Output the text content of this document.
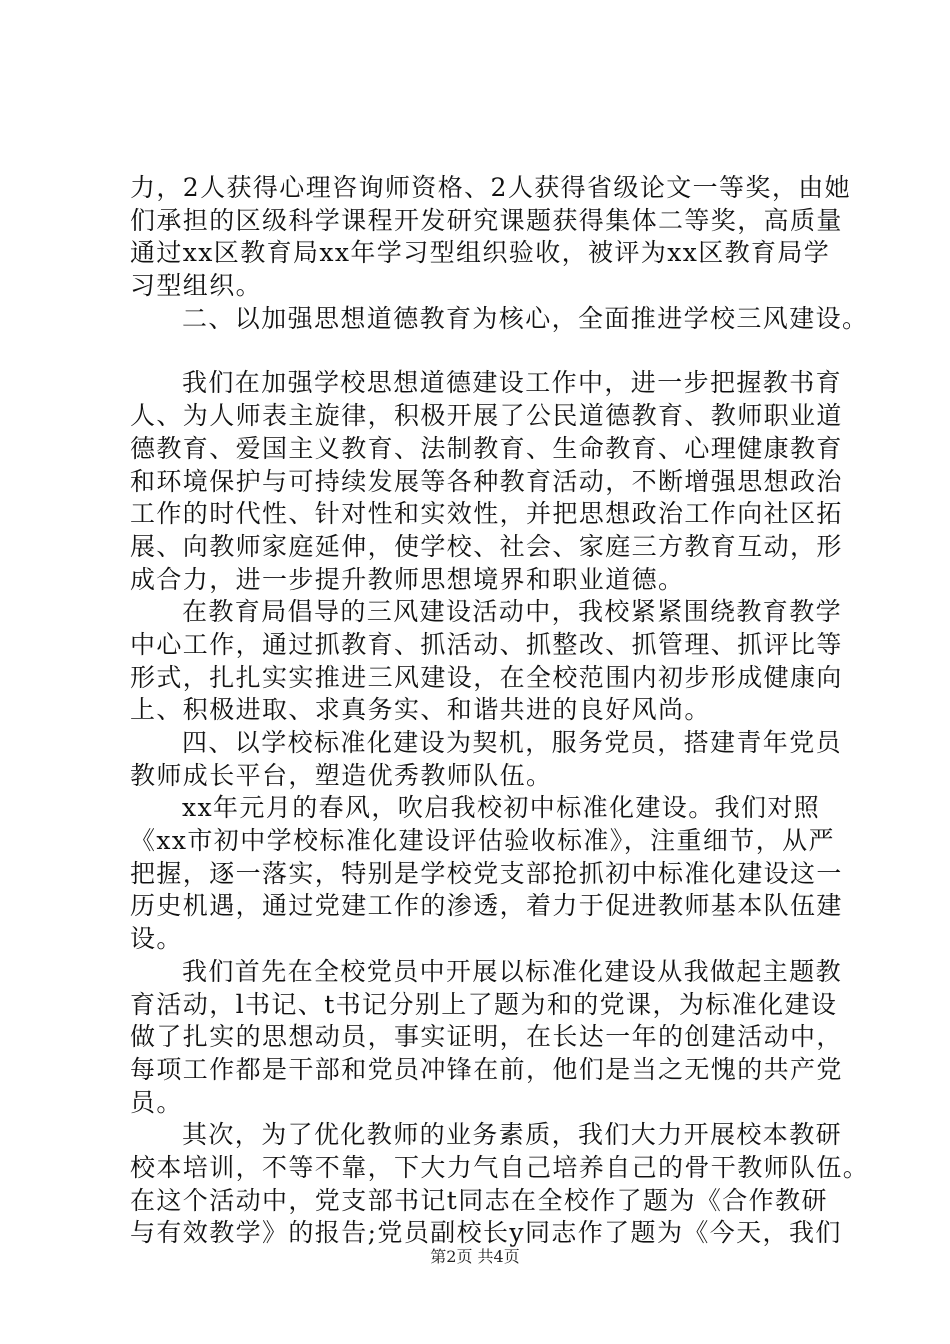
力，2人获得心理咨询师资格、2人获得省级论文一等奖，由她
们承担的区级科学课程开发研究课题获得集体二等奖，高质量
通过xx区教育局xx年学习型组织验收，被评为xx区教育局学
习型组织。
二、以加强思想道德教育为核心，全面推进学校三风建设。
我们在加强学校思想道德建设工作中，进一步把握教书育
人、为人师表主旋律，积极开展了公民道德教育、教师职业道
德教育、爱国主义教育、法制教育、生命教育、心理健康教育
和环境保护与可持续发展等各种教育活动，不断增强思想政治
工作的时代性、针对性和实效性，并把思想政治工作向社区拓
展、向教师家庭延伸，使学校、社会、家庭三方教育互动，形
成合力，进一步提升教师思想境界和职业道德。
在教育局倡导的三风建设活动中，我校紧紧围绕教育教学
中心工作，通过抓教育、抓活动、抓整改、抓管理、抓评比等
形式，扎扎实实推进三风建设，在全校范围内初步形成健康向
上、积极进取、求真务实、和谐共进的良好风尚。
四、以学校标准化建设为契机，服务党员，搭建青年党员
教师成长平台，塑造优秀教师队伍。
xx年元月的春风，吹启我校初中标准化建设。我们对照
《xx市初中学校标准化建设评估验收标准》，注重细节，从严
把握，逐一落实，特别是学校党支部抢抓初中标准化建设这一
历史机遇，通过党建工作的渗透，着力于促进教师基本队伍建
设。
我们首先在全校党员中开展以标准化建设从我做起主题教
育活动，l书记、t书记分别上了题为和的党课，为标准化建设
做了扎实的思想动员，事实证明，在长达一年的创建活动中，
每项工作都是干部和党员冲锋在前，他们是当之无愧的共产党
员。
其次，为了优化教师的业务素质，我们大力开展校本教研
校本培训，不等不靠，下大力气自己培养自己的骨干教师队伍。
在这个活动中，党支部书记t同志在全校作了题为《合作教研
与有效教学》的报告;党员副校长y同志作了题为《今天，我们
第2页 共4页
